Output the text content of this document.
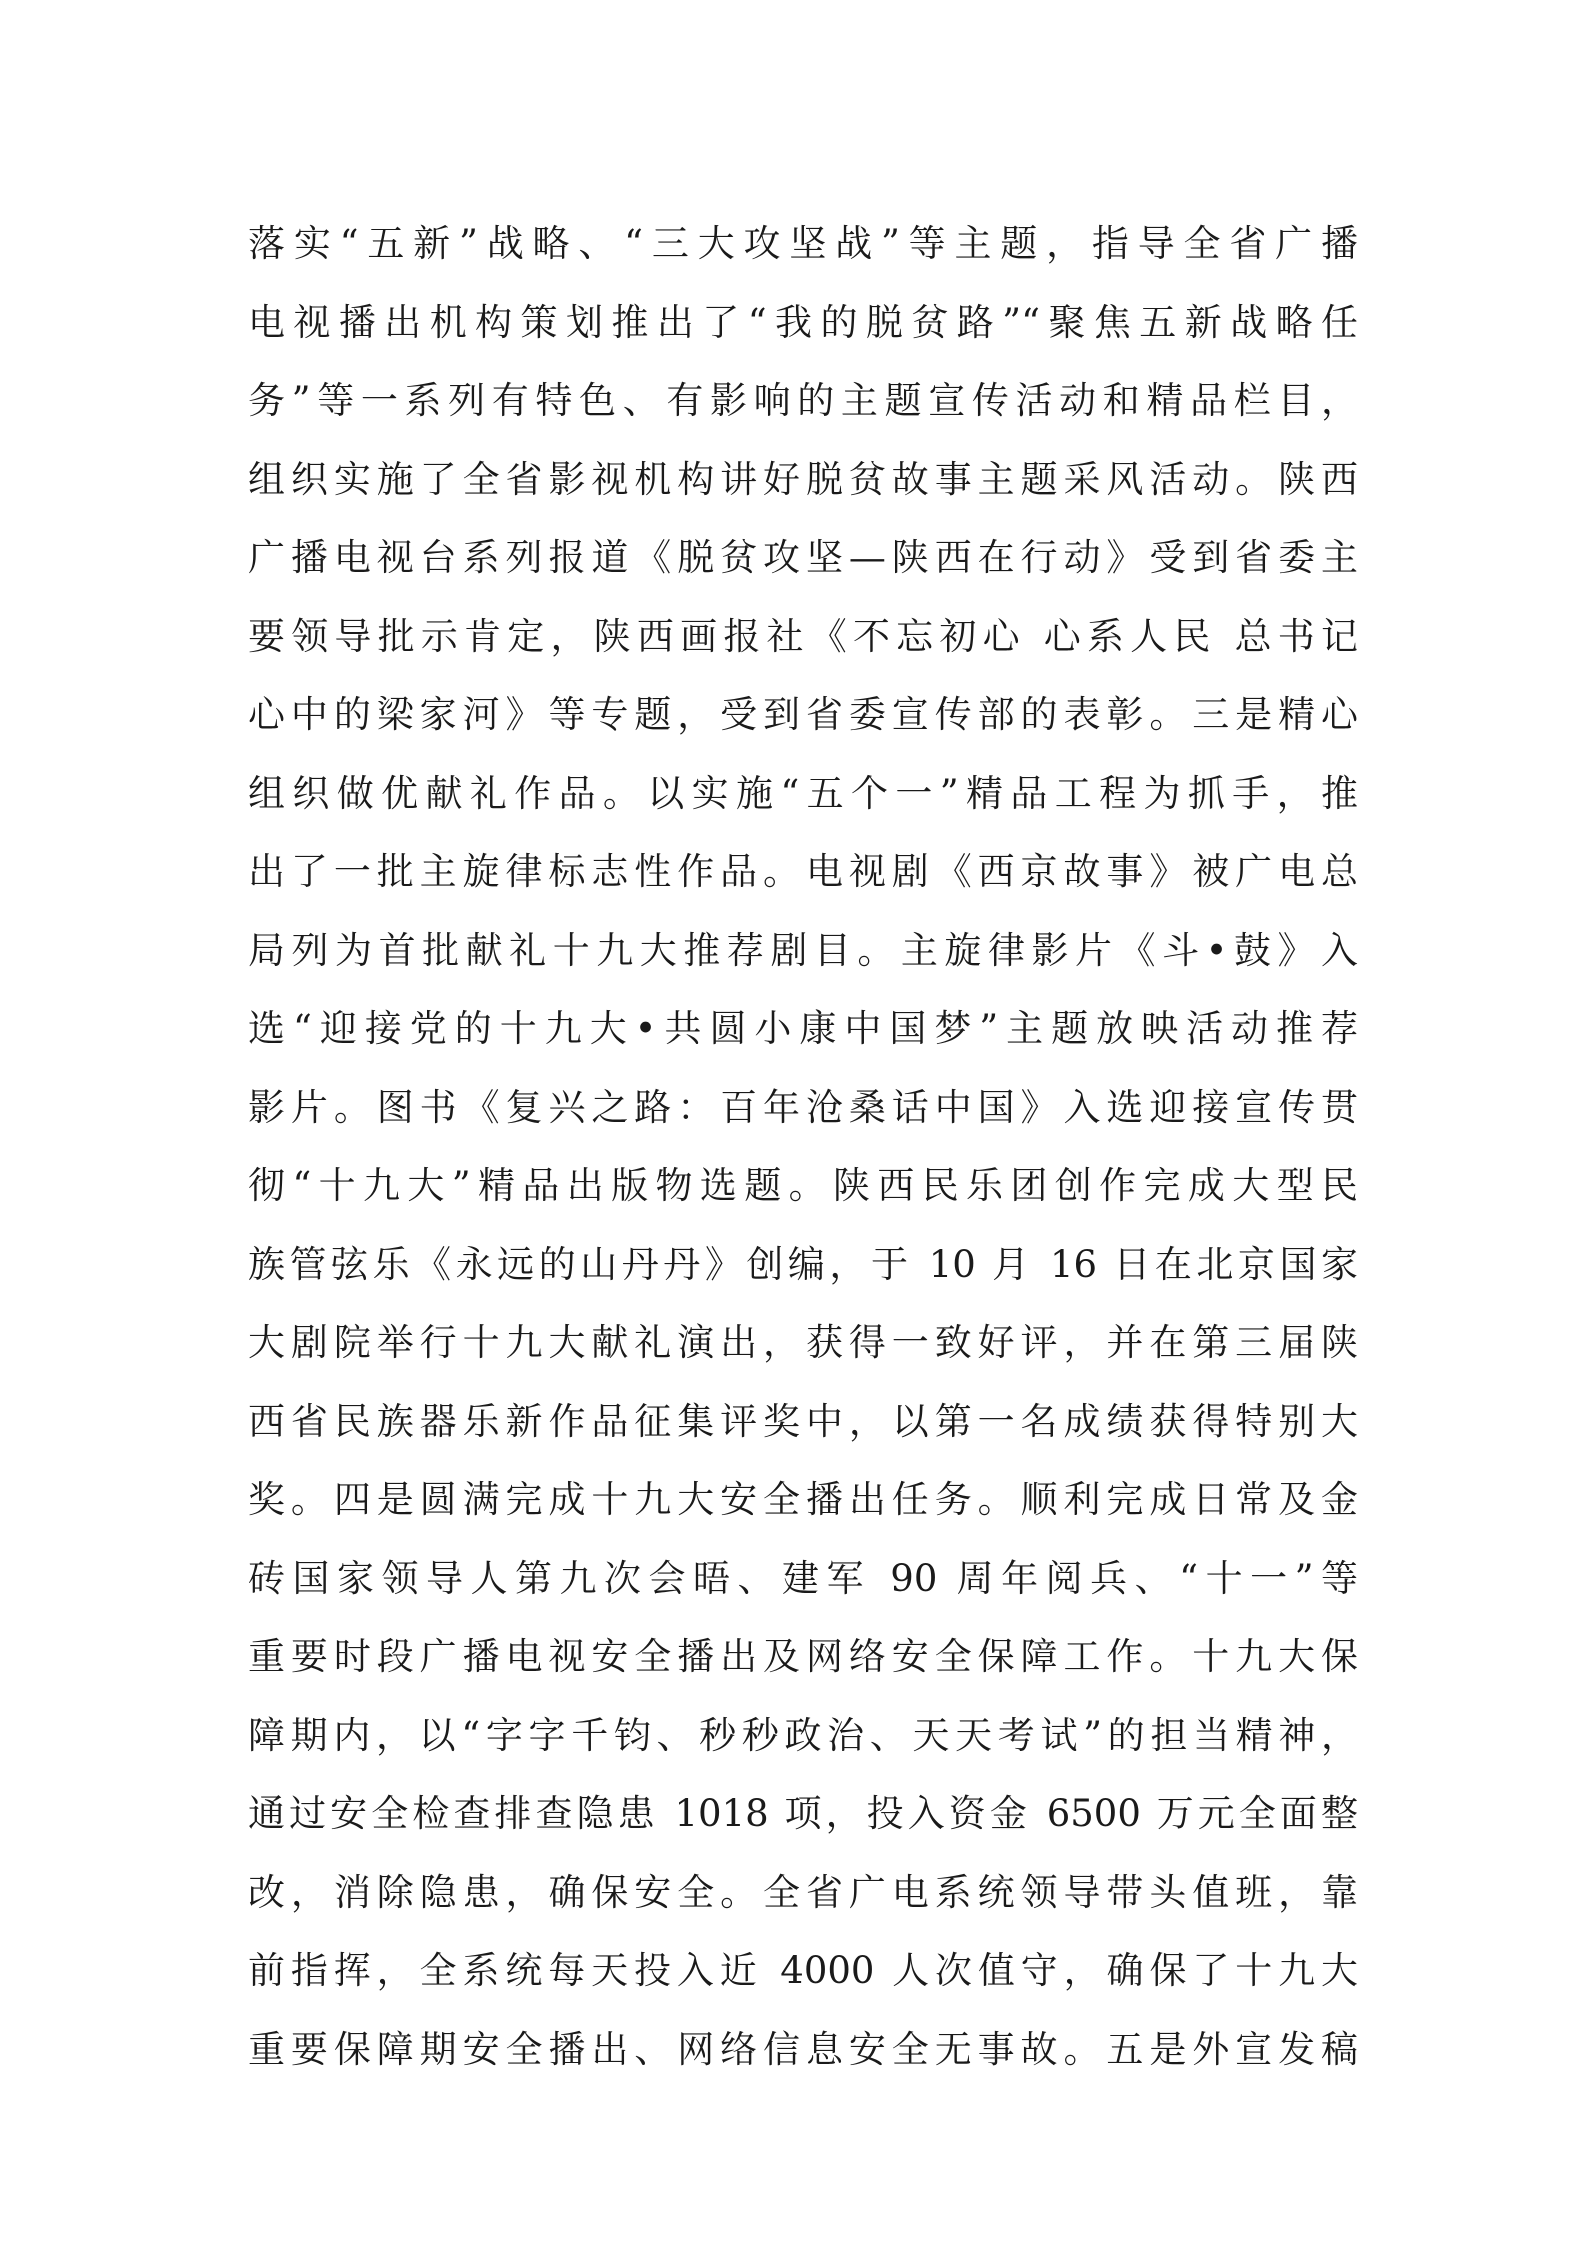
落实“五新”战略、“三大攻坚战”等主题，指导全省广播
电视播出机构策划推出了“我的脱贫路”“聚焦五新战略任
务”等一系列有特色、有影响的主题宣传活动和精品栏目，
组织实施了全省影视机构讲好脱贫故事主题采风活动。陕西
广播电视台系列报道《脱贫攻坚—陕西在行动》受到省委主
要领导批示肯定，陕西画报社《不忘初心 心系人民 总书记
心中的梁家河》等专题，受到省委宣传部的表彰。三是精心
组织做优献礼作品。以实施“五个一”精品工程为抓手，推
出了一批主旋律标志性作品。电视剧《西京故事》被广电总
局列为首批献礼十九大推荐剧目。主旋律影片《斗•鼓》入
选“迎接党的十九大•共圆小康中国梦”主题放映活动推荐
影片。图书《复兴之路：百年沧桑话中国》入选迎接宣传贯
彻“十九大”精品出版物选题。陕西民乐团创作完成大型民
族管弦乐《永远的山丹丹》创编，于 10 月 16 日在北京国家
大剧院举行十九大献礼演出，获得一致好评，并在第三届陕
西省民族器乐新作品征集评奖中，以第一名成绩获得特别大
奖。四是圆满完成十九大安全播出任务。顺利完成日常及金
砖国家领导人第九次会晤、建军 90 周年阅兵、“十一”等
重要时段广播电视安全播出及网络安全保障工作。十九大保
障期内，以“字字千钧、秒秒政治、天天考试”的担当精神，
通过安全检查排查隐患 1018 项，投入资金 6500 万元全面整
改，消除隐患，确保安全。全省广电系统领导带头值班，靠
前指挥，全系统每天投入近 4000 人次值守，确保了十九大
重要保障期安全播出、网络信息安全无事故。五是外宣发稿
